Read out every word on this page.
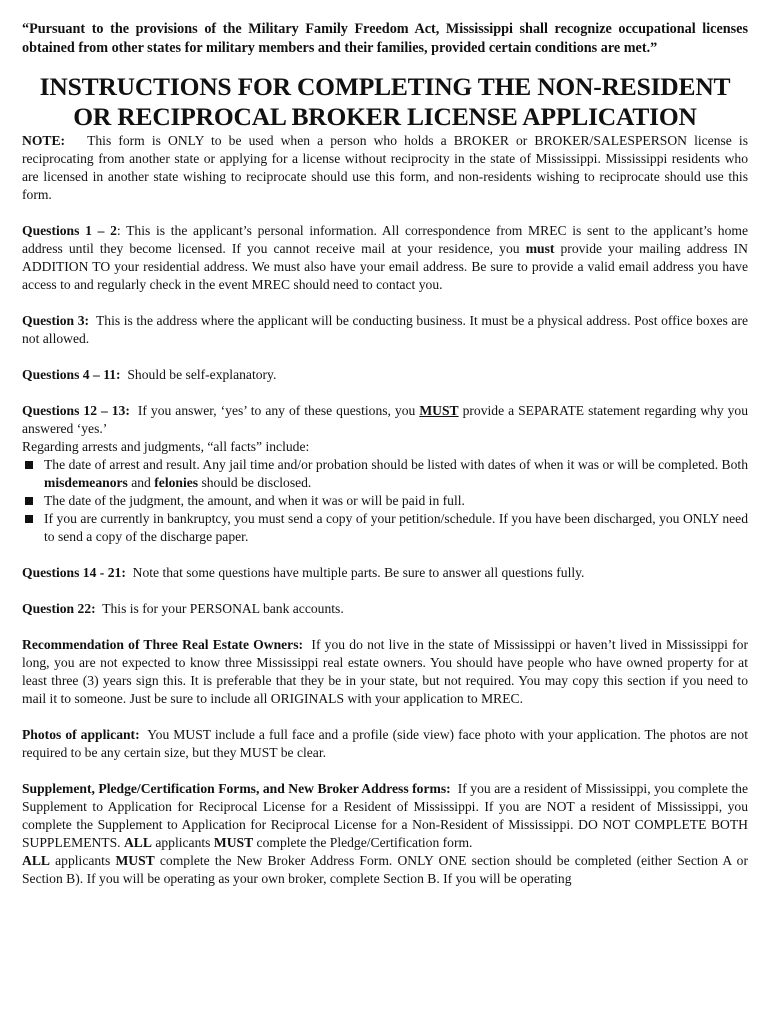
“Pursuant to the provisions of the Military Family Freedom Act, Mississippi shall recognize occupational licenses obtained from other states for military members and their families, provided certain conditions are met.”

INSTRUCTIONS FOR COMPLETING THE NON-RESIDENT
OR RECIPROCAL BROKER LICENSE APPLICATION

NOTE: This form is ONLY to be used when a person who holds a BROKER or BROKER/SALESPERSON license is reciprocating from another state or applying for a license without reciprocity in the state of Mississippi. Mississippi residents who are licensed in another state wishing to reciprocate should use this form, and non-residents wishing to reciprocate should use this form.

Questions 1 – 2: This is the applicant’s personal information. All correspondence from MREC is sent to the applicant’s home address until they become licensed. If you cannot receive mail at your residence, you must provide your mailing address IN ADDITION TO your residential address. We must also have your email address. Be sure to provide a valid email address you have access to and regularly check in the event MREC should need to contact you.

Question 3: This is the address where the applicant will be conducting business. It must be a physical address. Post office boxes are not allowed.

Questions 4 – 11: Should be self-explanatory.

Questions 12 – 13: If you answer, ‘yes’ to any of these questions, you MUST provide a SEPARATE statement regarding why you answered ‘yes.’

Regarding arrests and judgments, “all facts” include:

The date of arrest and result. Any jail time and/or probation should be listed with dates of when it was or will be completed. Both misdemeanors and felonies should be disclosed.
The date of the judgment, the amount, and when it was or will be paid in full.
If you are currently in bankruptcy, you must send a copy of your petition/schedule. If you have been discharged, you ONLY need to send a copy of the discharge paper.

Questions 14 - 21: Note that some questions have multiple parts. Be sure to answer all questions fully.

Question 22: This is for your PERSONAL bank accounts.

Recommendation of Three Real Estate Owners: If you do not live in the state of Mississippi or haven’t lived in Mississippi for long, you are not expected to know three Mississippi real estate owners. You should have people who have owned property for at least three (3) years sign this. It is preferable that they be in your state, but not required. You may copy this section if you need to mail it to someone. Just be sure to include all ORIGINALS with your application to MREC.

Photos of applicant: You MUST include a full face and a profile (side view) face photo with your application. The photos are not required to be any certain size, but they MUST be clear.

Supplement, Pledge/Certification Forms, and New Broker Address forms: If you are a resident of Mississippi, you complete the Supplement to Application for Reciprocal License for a Resident of Mississippi. If you are NOT a resident of Mississippi, you complete the Supplement to Application for Reciprocal License for a Non-Resident of Mississippi. DO NOT COMPLETE BOTH SUPPLEMENTS. ALL applicants MUST complete the Pledge/Certification form.

ALL applicants MUST complete the New Broker Address Form. ONLY ONE section should be completed (either Section A or Section B). If you will be operating as your own broker, complete Section B. If you will be operating
